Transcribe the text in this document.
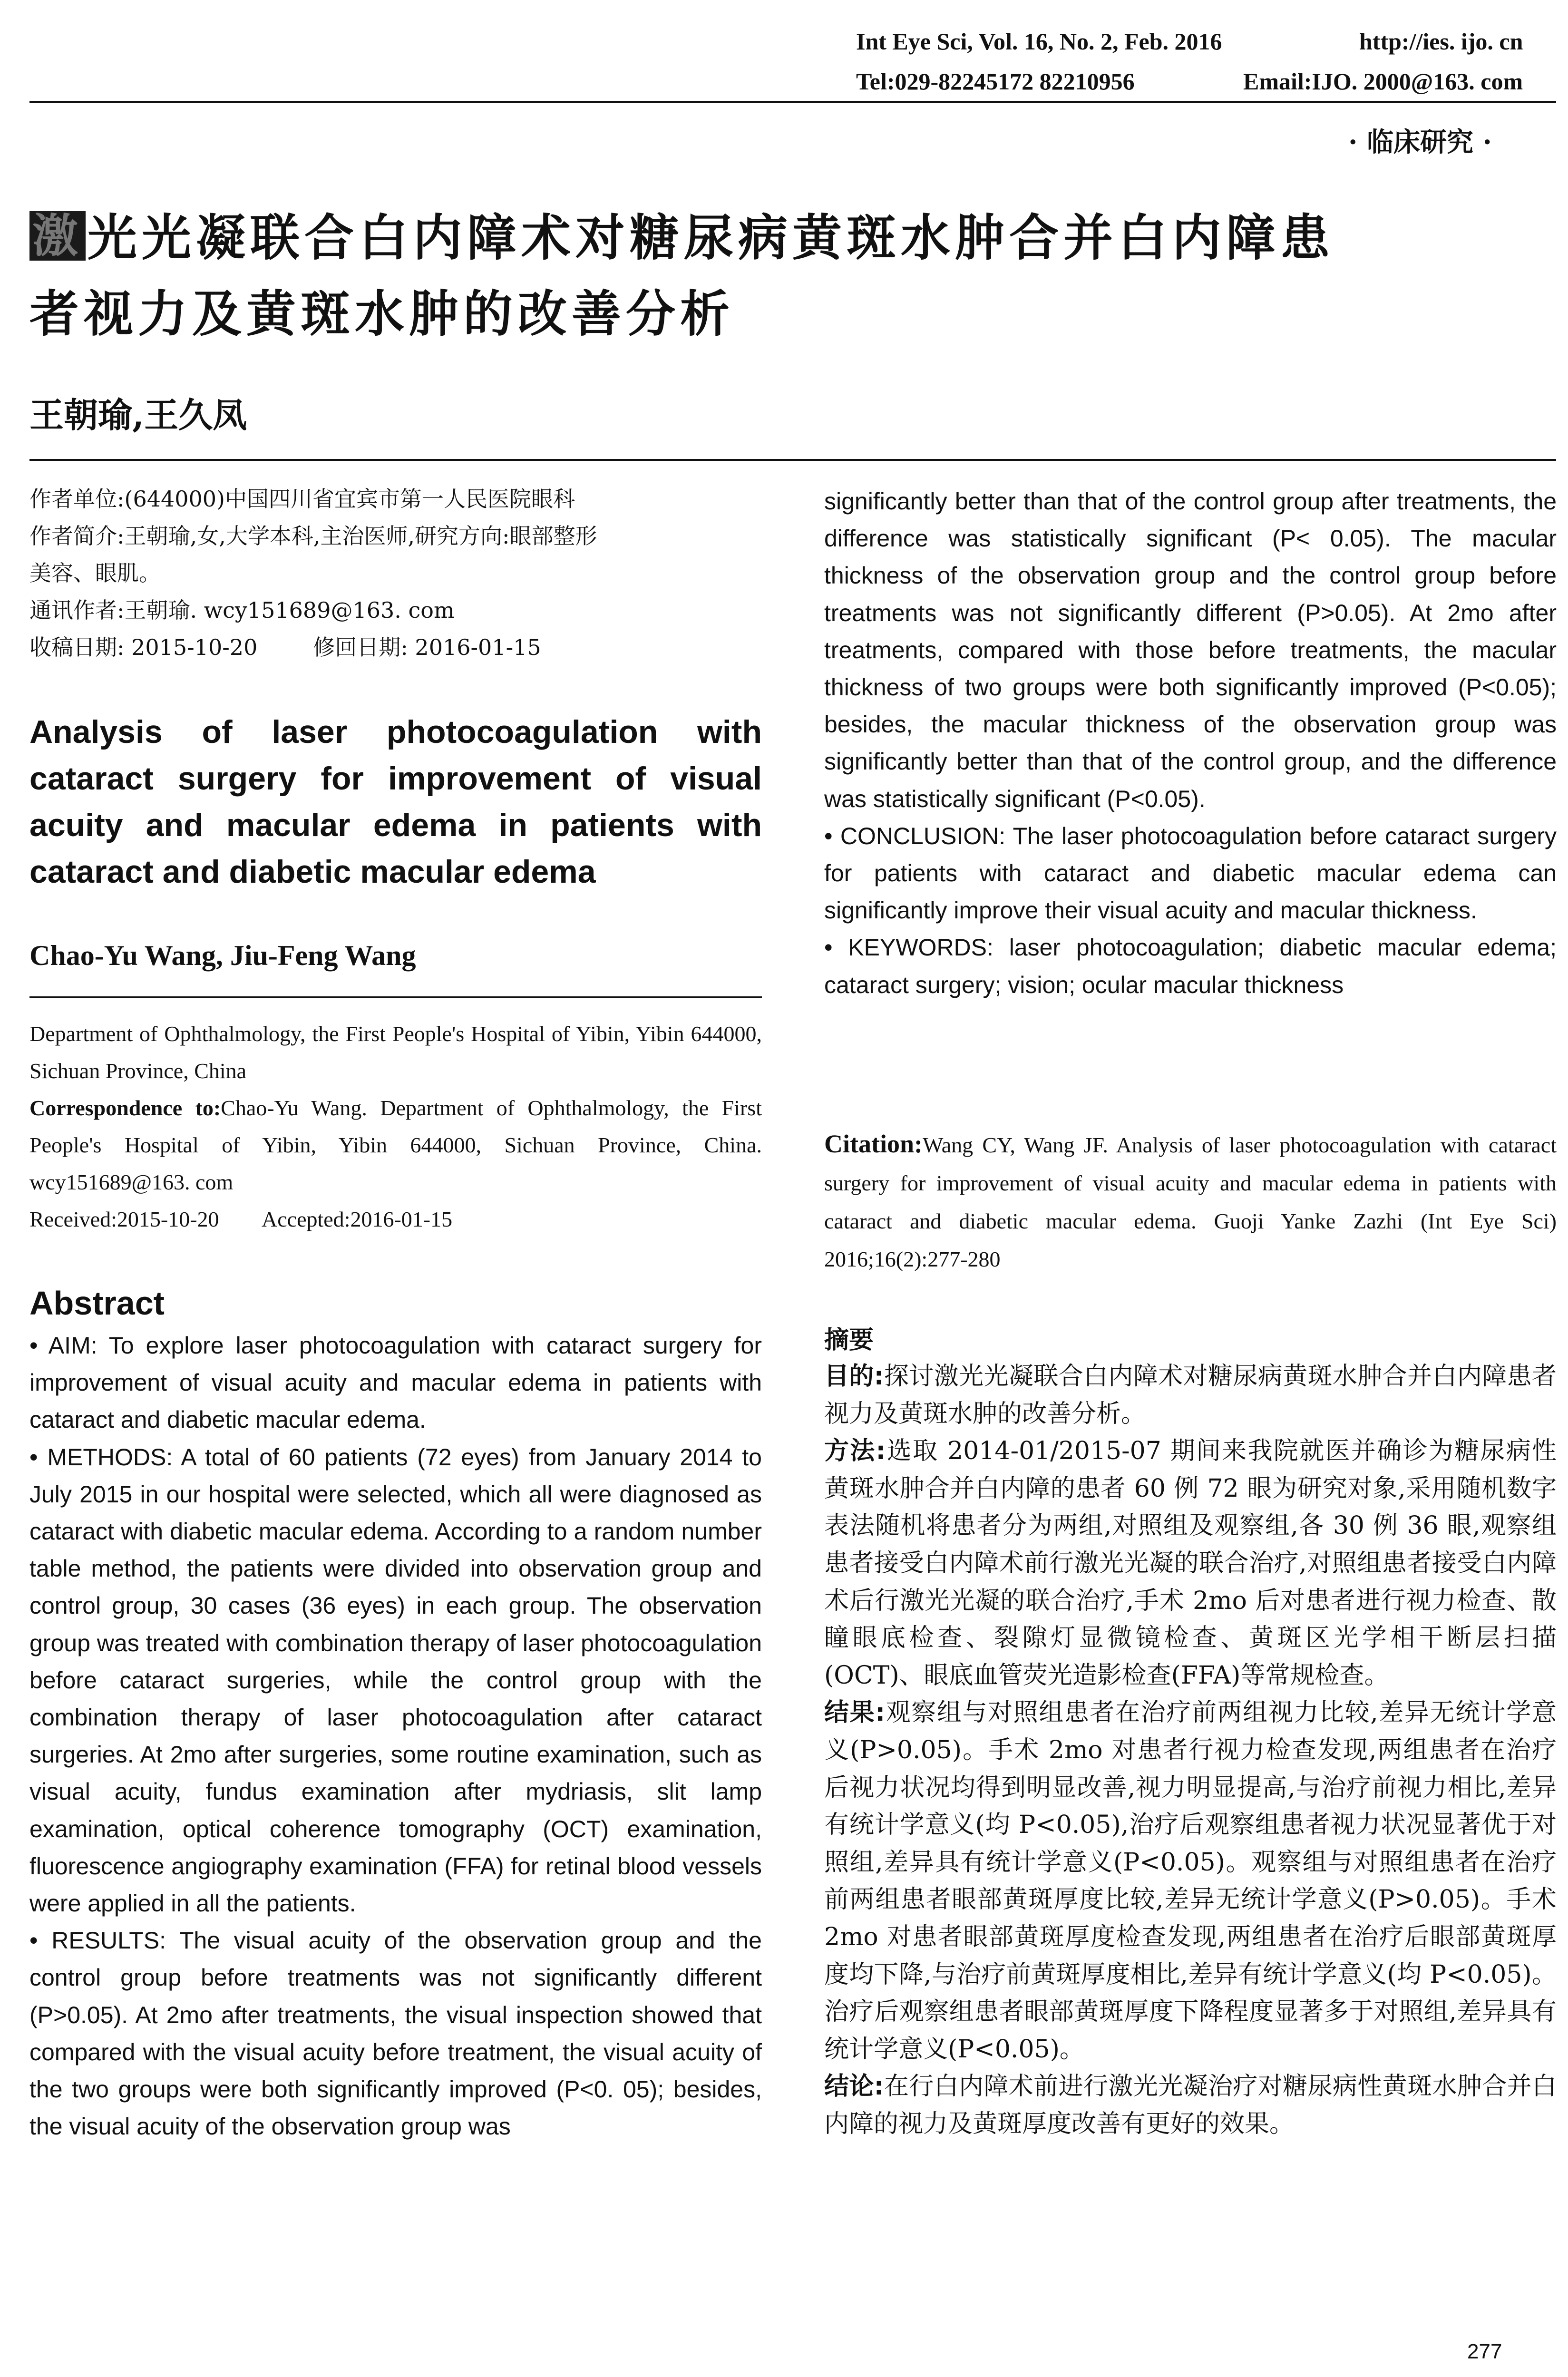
Int Eye Sci, Vol. 16, No. 2, Feb. 2016	http://ies. ijo. cn
Tel:029-82245172 82210956	Email:IJO. 2000@163. com
· 临床研究 ·
激 光光凝联合白内障术对糖尿病黄斑水肿合并白内障患
者视力及黄斑水肿的改善分析
王朝瑜,王久凤
作者单位:(644000)中国四川省宜宾市第一人民医院眼科
作者简介:王朝瑜,女,大学本科,主治医师,研究方向:眼部整形
美容、眼肌。
通讯作者:王朝瑜. wcy151689@163. com
收稿日期: 2015-10-20        修回日期: 2016-01-15
Analysis of laser photocoagulation with cataract surgery for improvement of visual acuity and macular edema in patients with cataract and diabetic macular edema
Chao-Yu Wang, Jiu-Feng Wang
Department of Ophthalmology, the First People's Hospital of Yibin, Yibin 644000, Sichuan Province, China
Correspondence to:Chao-Yu Wang. Department of Ophthalmology, the First People's Hospital of Yibin, Yibin 644000, Sichuan Province, China. wcy151689@163. com
Received:2015-10-20        Accepted:2016-01-15
Abstract

• AIM: To explore laser photocoagulation with cataract surgery for improvement of visual acuity and macular edema in patients with cataract and diabetic macular edema.

• METHODS: A total of 60 patients (72 eyes) from January 2014 to July 2015 in our hospital were selected, which all were diagnosed as cataract with diabetic macular edema. According to a random number table method, the patients were divided into observation group and control group, 30 cases (36 eyes) in each group. The observation group was treated with combination therapy of laser photocoagulation before cataract surgeries, while the control group with the combination therapy of laser photocoagulation after cataract surgeries. At 2mo after surgeries, some routine examination, such as visual acuity, fundus examination after mydriasis, slit lamp examination, optical coherence tomography (OCT) examination, fluorescence angiography examination (FFA) for retinal blood vessels were applied in all the patients.

• RESULTS: The visual acuity of the observation group and the control group before treatments was not significantly different (P>0.05). At 2mo after treatments, the visual inspection showed that compared with the visual acuity before treatment, the visual acuity of the two groups were both significantly improved (P<0. 05); besides, the visual acuity of the observation group was

significantly better than that of the control group after treatments, the difference was statistically significant (P< 0.05). The macular thickness of the observation group and the control group before treatments was not significantly different (P>0.05). At 2mo after treatments, compared with those before treatments, the macular thickness of two groups were both significantly improved (P<0.05); besides, the macular thickness of the observation group was significantly better than that of the control group, and the difference was statistically significant (P<0.05).

• CONCLUSION: The laser photocoagulation before cataract surgery for patients with cataract and diabetic macular edema can significantly improve their visual acuity and macular thickness.

• KEYWORDS: laser photocoagulation; diabetic macular edema; cataract surgery; vision; ocular macular thickness

Citation:Wang CY, Wang JF. Analysis of laser photocoagulation with cataract surgery for improvement of visual acuity and macular edema in patients with cataract and diabetic macular edema. Guoji Yanke Zazhi (Int Eye Sci) 2016;16(2):277-280
摘要

目的:探讨激光光凝联合白内障术对糖尿病黄斑水肿合并白内障患者视力及黄斑水肿的改善分析。

方法:选取 2014-01/2015-07 期间来我院就医并确诊为糖尿病性黄斑水肿合并白内障的患者 60 例 72 眼为研究对象,采用随机数字表法随机将患者分为两组,对照组及观察组,各 30 例 36 眼,观察组患者接受白内障术前行激光光凝的联合治疗,对照组患者接受白内障术后行激光光凝的联合治疗,手术 2mo 后对患者进行视力检查、散瞳眼底检查、裂隙灯显微镜检查、黄斑区光学相干断层扫描(OCT)、眼底血管荧光造影检查(FFA)等常规检查。

结果:观察组与对照组患者在治疗前两组视力比较,差异无统计学意义(P>0.05)。手术 2mo 对患者行视力检查发现,两组患者在治疗后视力状况均得到明显改善,视力明显提高,与治疗前视力相比,差异有统计学意义(均 P<0.05),治疗后观察组患者视力状况显著优于对照组,差异具有统计学意义(P<0.05)。观察组与对照组患者在治疗前两组患者眼部黄斑厚度比较,差异无统计学意义(P>0.05)。手术 2mo 对患者眼部黄斑厚度检查发现,两组患者在治疗后眼部黄斑厚度均下降,与治疗前黄斑厚度相比,差异有统计学意义(均 P<0.05)。治疗后观察组患者眼部黄斑厚度下降程度显著多于对照组,差异具有统计学意义(P<0.05)。

结论:在行白内障术前进行激光光凝治疗对糖尿病性黄斑水肿合并白内障的视力及黄斑厚度改善有更好的效果。

277
